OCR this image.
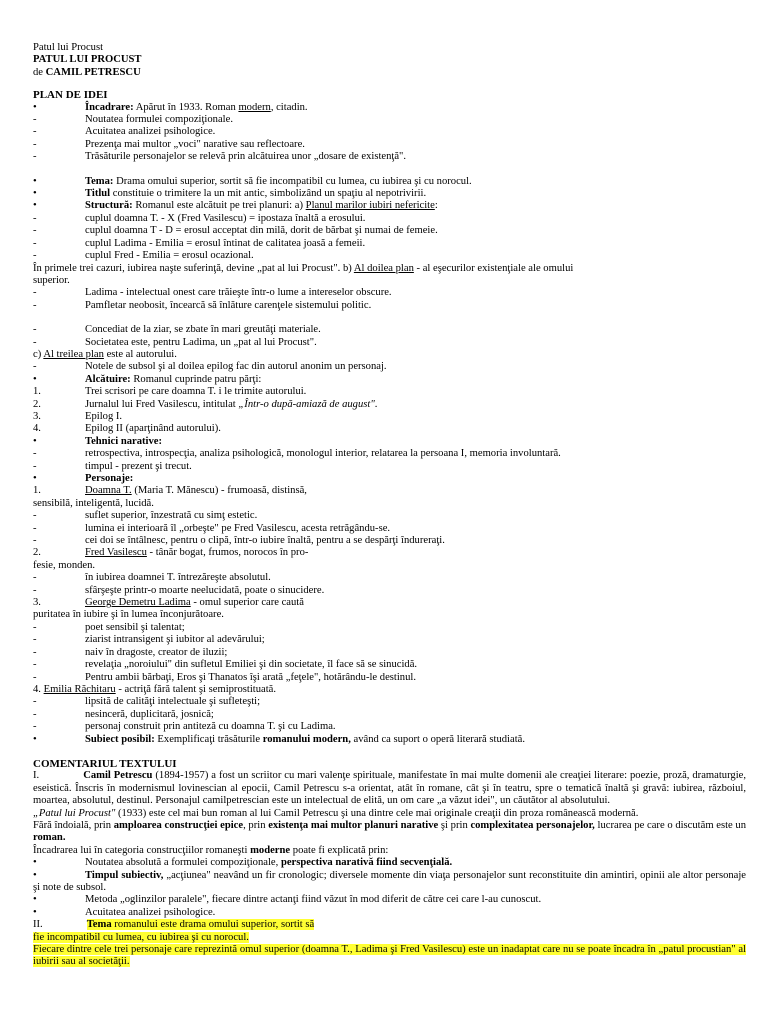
Patul lui Procust
PATUL LUI PROCUST
de CAMIL PETRESCU
PLAN DE IDEI
•	Încadrare: Apărut în 1933. Roman modern, citadin.
-	Noutatea formulei compoziţionale.
-	Acuitatea analizei psihologice.
-	Prezenţa mai multor „voci" narative sau reflectoare.
-	Trăsăturile personajelor se relevă prin alcătuirea unor „dosare de existenţă".
•	Tema: Drama omului superior, sortit să fie incompatibil cu lumea, cu iubirea şi cu norocul.
•	Titlul constituie o trimitere la un mit antic, simbolizând un spaţiu al nepotrivirii.
•	Structură: Romanul este alcătuit pe trei planuri: a) Planul marilor iubiri nefericite:
-	cuplul doamna T. - X (Fred Vasilescu) = ipostaza înaltă a erosului.
-	cuplul doamna T - D = erosul acceptat din milă, dorit de bărbat şi numai de femeie.
-	cuplul Ladima - Emilia = erosul întinat de calitatea joasă a femeii.
-	cuplul Fred - Emilia = erosul ocazional.
În primele trei cazuri, iubirea naşte suferinţă, devine „pat al lui Procust". b) Al doilea plan - al eşecurilor existenţiale ale omului
superior.
-	Ladima - intelectual onest care trăieşte într-o lume a intereselor obscure.
-	Pamfletar neobosit, încearcă să înlăture carenţele sistemului politic.
-	Concediat de la ziar, se zbate în mari greutăţi materiale.
-	Societatea este, pentru Ladima, un „pat al lui Procust".
c) Al treilea plan este al autorului.
-	Notele de subsol şi al doilea epilog fac din autorul anonim un personaj.
•	Alcătuire: Romanul cuprinde patru părţi:
1.	Trei scrisori pe care doamna T. i le trimite autorului.
2.	Jurnalul lui Fred Vasilescu, intitulat „Într-o după-amiază de august".
3.	Epilog I.
4.	Epilog II (aparţinând autorului).
•	Tehnici narative:
-	retrospectiva, introspecţia, analiza psihologică, monologul interior, relatarea la persoana I, memoria involuntară.
-	timpul - prezent şi trecut.
•	Personaje:
1.	Doamna T. (Maria T. Mănescu) - frumoasă, distinsă,
sensibilă, inteligentă, lucidă.
-	suflet superior, înzestrată cu simţ estetic.
-	lumina ei interioară îl „orbeşte" pe Fred Vasilescu, acesta retrăgându-se.
-	cei doi se întâlnesc, pentru o clipă, într-o iubire înaltă, pentru a se despărţi îndureraţi.
2.	Fred Vasilescu - tânăr bogat, frumos, norocos în pro-
fesie, monden.
-	în iubirea doamnei T. întrezăreşte absolutul.
-	sfârşeşte printr-o moarte neelucidată, poate o sinucidere.
3.	George Demetru Ladima - omul superior care caută
puritatea în iubire şi în lumea înconjurătoare.
-	poet sensibil şi talentat;
-	ziarist intransigent şi iubitor al adevărului;
-	naiv în dragoste, creator de iluzii;
-	revelaţia „noroiului" din sufletul Emiliei şi din societate, îl face să se sinucidă.
-	Pentru ambii bărbaţi, Eros şi Thanatos îşi arată „feţele", hotărându-le destinul.
4. Emilia Răchitaru - actriţă fără talent şi semiprostituată.
-	lipsită de calităţi intelectuale şi sufleteşti;
-	nesinceră, duplicitară, josnică;
-	personaj construit prin antiteză cu doamna T. şi cu Ladima.
•	Subiect posibil: Exemplificaţi trăsăturile romanului modern, având ca suport o operă literară studiată.
COMENTARIUL TEXTULUI
I.	Camil Petrescu (1894-1957) a fost un scriitor cu mari valenţe spirituale, manifestate în mai multe domenii ale creaţiei literare: poezie, proză, dramaturgie, eseistică. Înscris în modernismul lovinescian al epocii, Camil Petrescu s-a orientat, atât în romane, cât şi în teatru, spre o tematică înaltă şi gravă: iubirea, războiul, moartea, absolutul, destinul. Personajul camilpetrescian este un intelectual de elită, un om care „a văzut idei", un căutător al absolutului.
„Patul lui Procust" (1933) este cel mai bun roman al lui Camil Petrescu şi una dintre cele mai originale creaţii din proza românească modernă.
Fără îndoială, prin amploarea construcţiei epice, prin existenţa mai multor planuri narative şi prin complexitatea personajelor, lucrarea pe care o discutăm este un roman.
Încadrarea lui în categoria construcţiilor romaneşti moderne poate fi explicată prin:
•	Noutatea absolută a formulei compoziţionale, perspectiva narativă fiind secvenţială.
•	Timpul subiectiv, „acţiunea" neavând un fir cronologic; diversele momente din viaţa personajelor sunt reconstituite din amintiri, opinii ale altor personaje şi note de subsol.
•	Metoda „oglinzilor paralele", fiecare dintre actanţi fiind văzut în mod diferit de către cei care l-au cunoscut.
•	Acuitatea analizei psihologice.
II.	Tema romanului este drama omului superior, sortit să
fie incompatibil cu lumea, cu iubirea şi cu norocul.
Fiecare dintre cele trei personaje care reprezintă omul superior (doamna T., Ladima şi Fred Vasilescu) este un inadaptat care nu se poate încadra în „patul procustian" al iubirii sau al societăţii.
